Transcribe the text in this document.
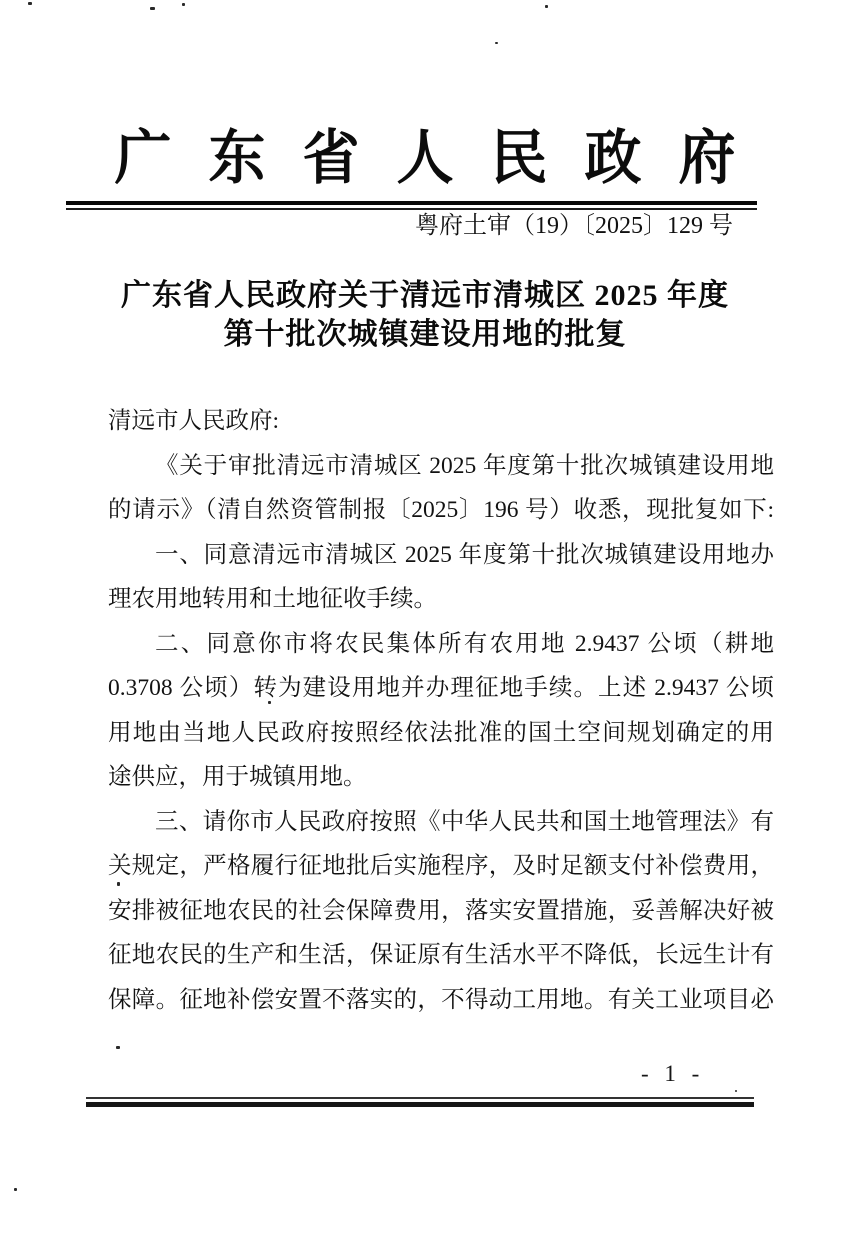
广东省人民政府
粤府土审（19）〔2025〕129 号
广东省人民政府关于清远市清城区 2025 年度
第十批次城镇建设用地的批复
清远市人民政府:
《关于审批清远市清城区 2025 年度第十批次城镇建设用地
的请示》（清自然资管制报〔2025〕196 号）收悉，现批复如下:
一、同意清远市清城区 2025 年度第十批次城镇建设用地办
理农用地转用和土地征收手续。
二、同意你市将农民集体所有农用地 2.9437 公顷（耕地
0.3708 公顷）转为建设用地并办理征地手续。上述 2.9437 公顷
用地由当地人民政府按照经依法批准的国土空间规划确定的用
途供应，用于城镇用地。
三、请你市人民政府按照《中华人民共和国土地管理法》有
关规定，严格履行征地批后实施程序，及时足额支付补偿费用，
安排被征地农民的社会保障费用，落实安置措施，妥善解决好被
征地农民的生产和生活，保证原有生活水平不降低，长远生计有
保障。征地补偿安置不落实的，不得动工用地。有关工业项目必
- 1 -
